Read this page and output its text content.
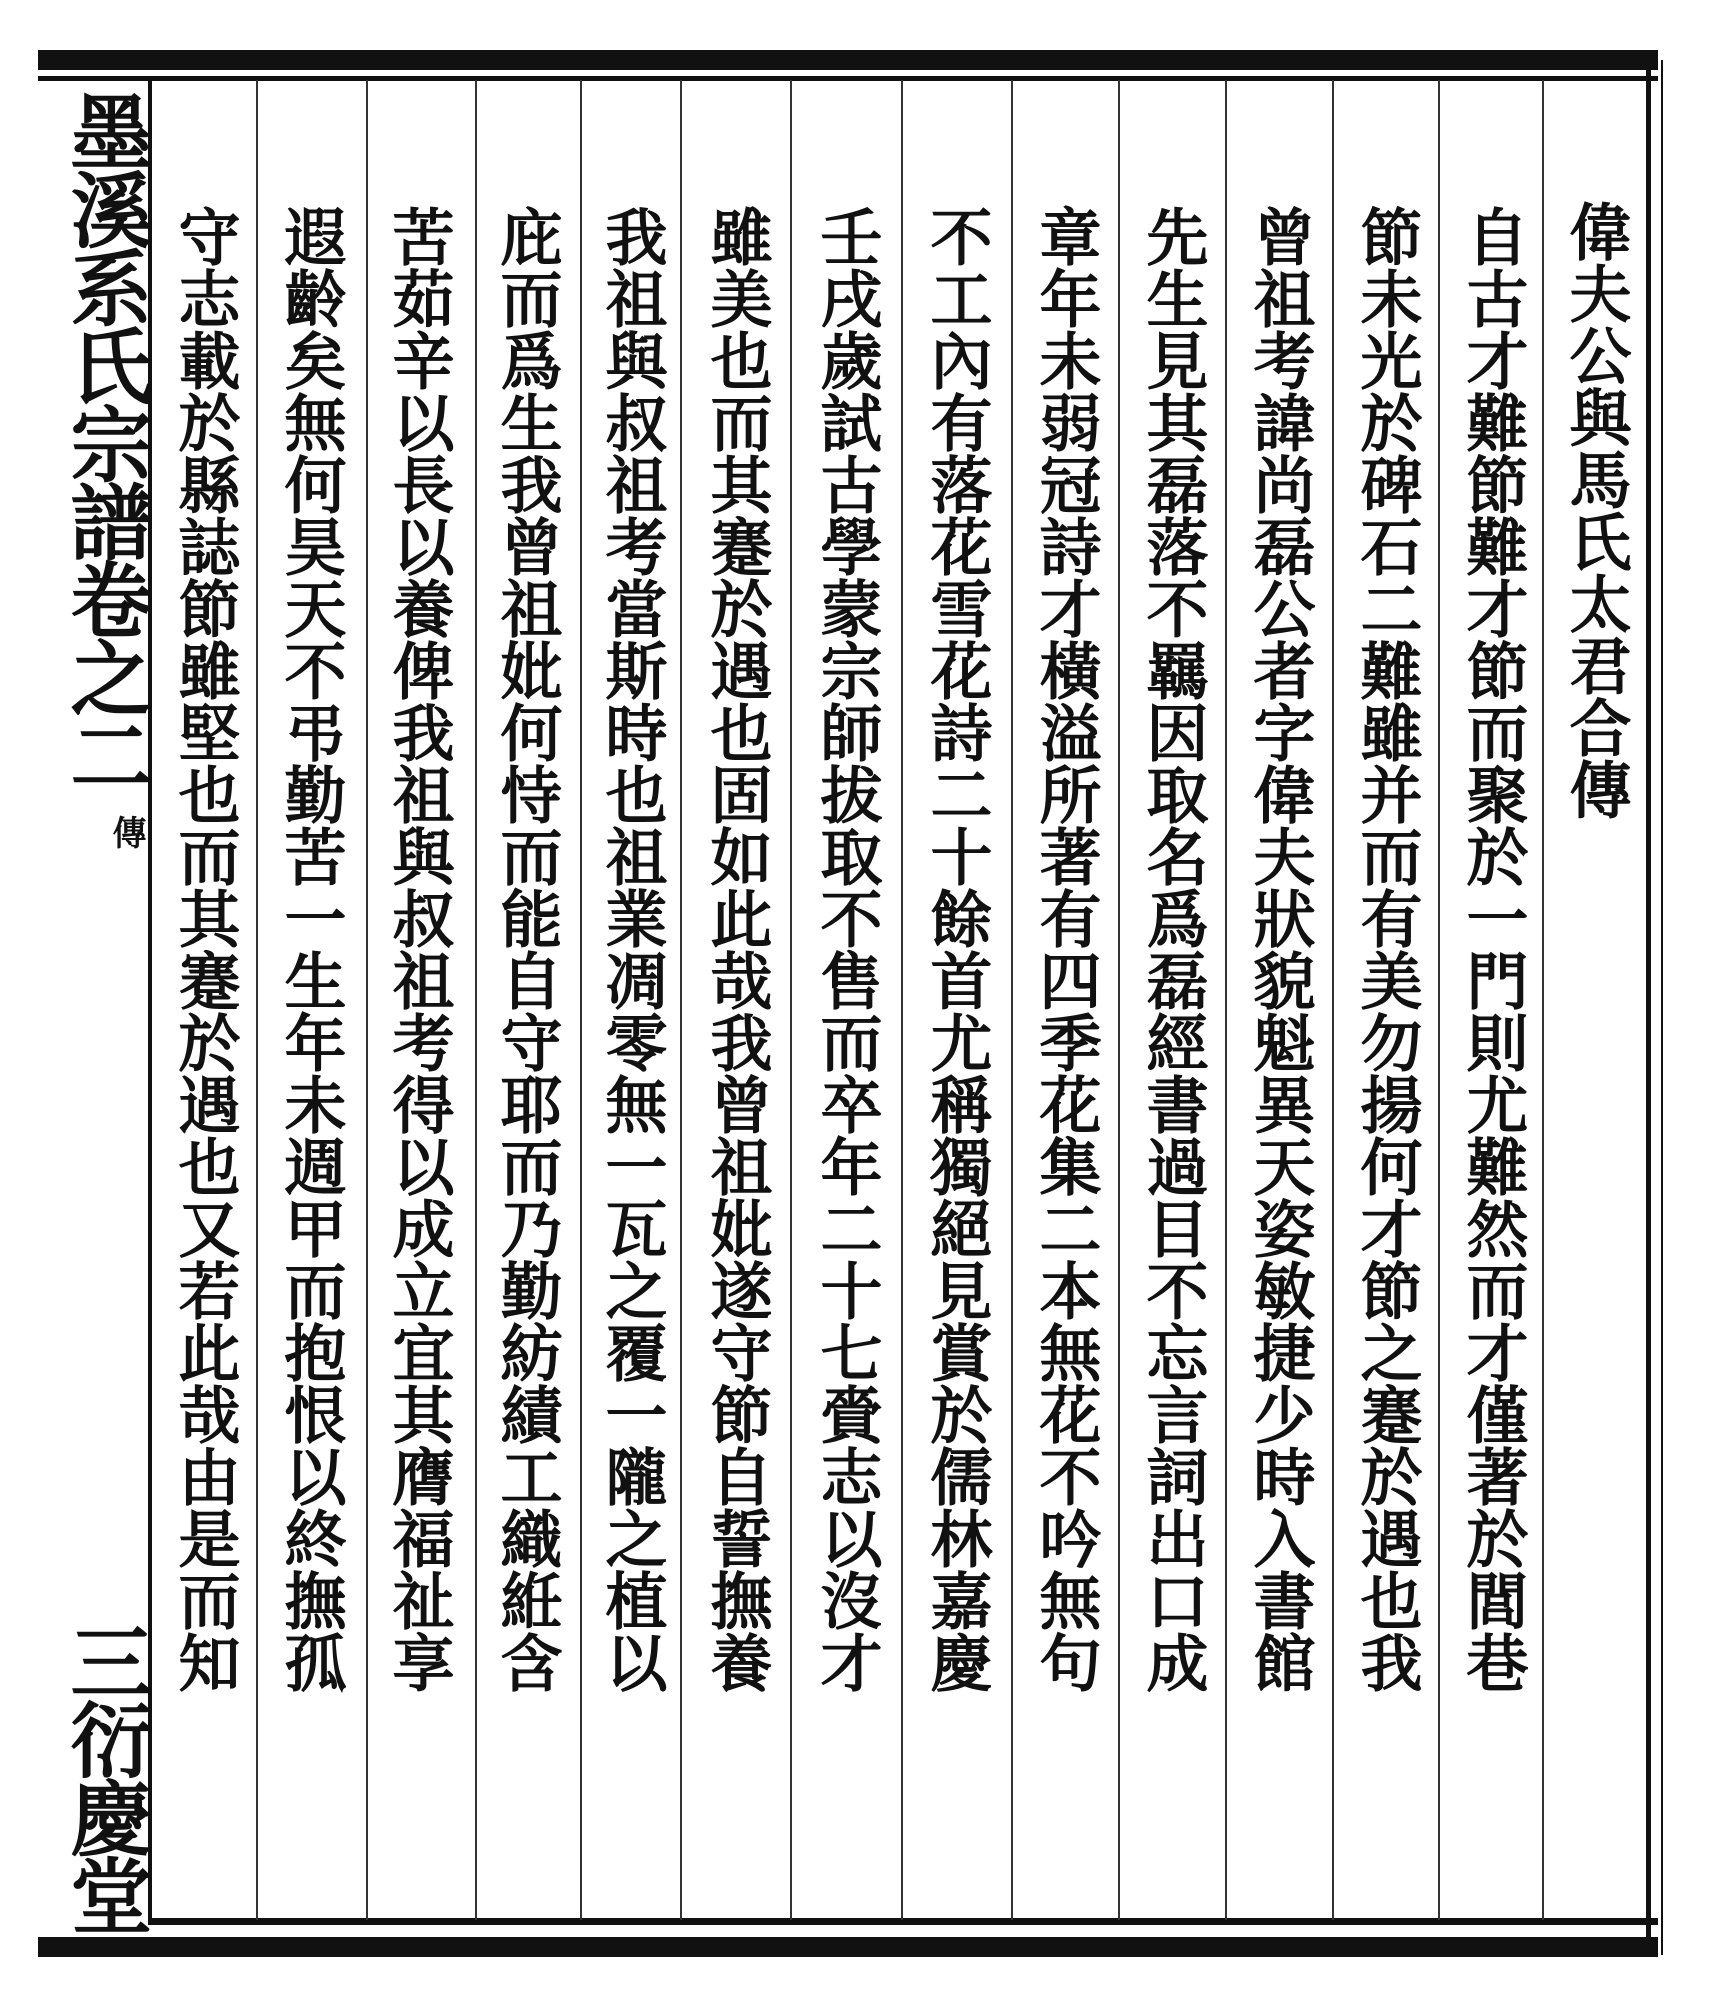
偉夫公與馬氏太君合傳
自古才難節難才節而聚於一門則尤難然而才僅著於閭巷
節未光於碑石二難雖并而有美勿揚何才節之蹇於遇也我
曾祖考諱尚磊公者字偉夫狀貌魁異天姿敏捷少時入書館
先生見其磊落不羈因取名爲磊經書過目不忘言詞出口成
章年未弱冠詩才橫溢所著有四季花集二本無花不吟無句
不工內有落花雪花詩二十餘首尤稱獨絕見賞於儒林嘉慶
壬戌歲試古學蒙宗師拔取不售而卒年二十七賫志以沒才
雖美也而其蹇於遇也固如此哉我曾祖妣遂守節自誓撫養
我祖與叔祖考當斯時也祖業凋零無一瓦之覆一隴之植以
庇而爲生我曾祖妣何恃而能自守耶而乃勤紡績工織絍含
苦茹辛以長以養俾我祖與叔祖考得以成立宜其膺福祉享
遐齡矣無何昊天不弔勤苦一生年未週甲而抱恨以終撫孤
守志載於縣誌節雖堅也而其蹇於遇也又若此哉由是而知
墨溪系氏宗譜卷之二
傳
三衍慶堂
